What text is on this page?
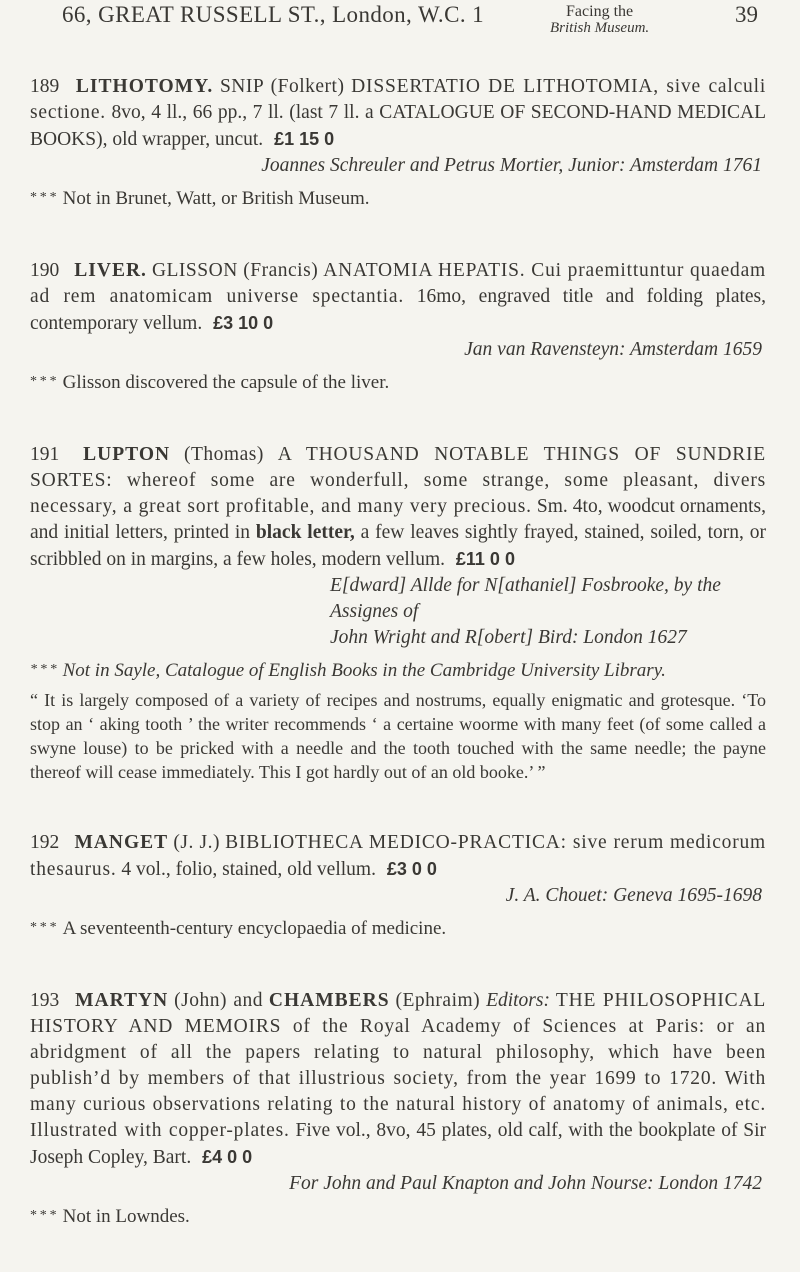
66, GREAT RUSSELL ST., London, W.C. 1	Facing the
British Museum.
39
189 LITHOTOMY. SNIP (Folkert) DISSERTATIO DE LITHOTOMIA, sive calculi sectione. 8vo, 4 ll., 66 pp., 7 ll. (last 7 ll. a CATALOGUE OF SECOND-HAND MEDICAL BOOKS), old wrapper, uncut. £1 15 0
Joannes Schreuler and Petrus Mortier, Junior: Amsterdam 1761
* * * Not in Brunet, Watt, or British Museum.
190 LIVER. GLISSON (Francis) ANATOMIA HEPATIS. Cui praemittuntur quaedam ad rem anatomicam universe spectantia. 16mo, engraved title and folding plates, contemporary vellum. £3 10 0
Jan van Ravensteyn: Amsterdam 1659
* * * Glisson discovered the capsule of the liver.
191 LUPTON (Thomas) A THOUSAND NOTABLE THINGS OF SUNDRIE SORTES: whereof some are wonderfull, some strange, some pleasant, divers necessary, a great sort profitable, and many very precious. Sm. 4to, woodcut ornaments, and initial letters, printed in black letter, a few leaves sightly frayed, stained, soiled, torn, or scribbled on in margins, a few holes, modern vellum. £11 0 0
E[dward] Allde for N[athaniel] Fosbrooke, by the Assignes of
John Wright and R[obert] Bird: London 1627
* * * Not in Sayle, Catalogue of English Books in the Cambridge University Library.
“ It is largely composed of a variety of recipes and nostrums, equally enigmatic and grotesque. ‘To stop an ‘ aking tooth ’ the writer recommends ‘ a certaine woorme with many feet (of some called a swyne louse) to be pricked with a needle and the tooth touched with the same needle; the payne thereof will cease immediately. This I got hardly out of an old booke.’ ”
192 MANGET (J. J.) BIBLIOTHECA MEDICO-PRACTICA: sive rerum medicorum thesaurus. 4 vol., folio, stained, old vellum. £3 0 0
J. A. Chouet: Geneva 1695-1698
* * * A seventeenth-century encyclopaedia of medicine.
193 MARTYN (John) and CHAMBERS (Ephraim) Editors: THE PHILOSOPHICAL HISTORY AND MEMOIRS of the Royal Academy of Sciences at Paris: or an abridgment of all the papers relating to natural philosophy, which have been publish’d by members of that illustrious society, from the year 1699 to 1720. With many curious observations relating to the natural history of anatomy of animals, etc. Illustrated with copper-plates. Five vol., 8vo, 45 plates, old calf, with the bookplate of Sir Joseph Copley, Bart. £4 0 0
For John and Paul Knapton and John Nourse: London 1742
* * * Not in Lowndes.
